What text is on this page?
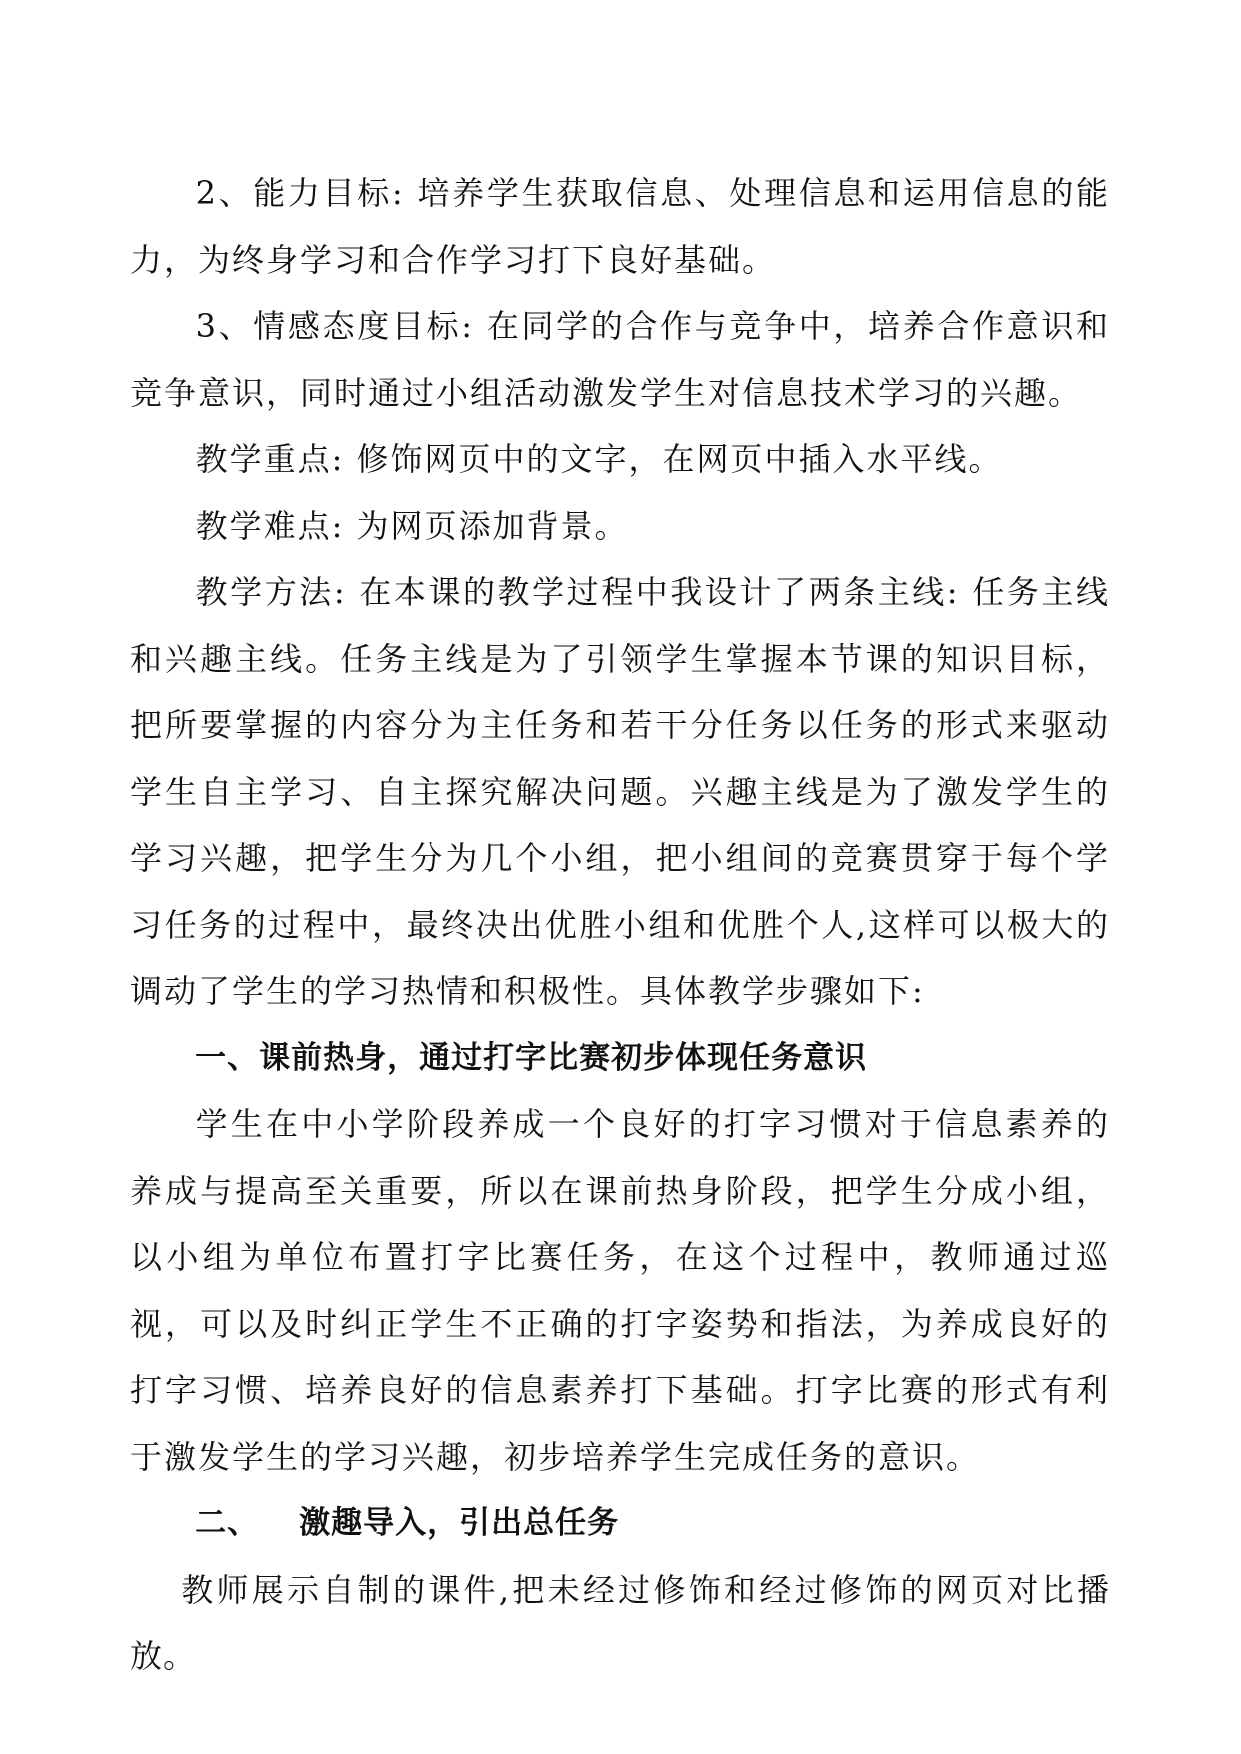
2、能力目标: 培养学生获取信息、处理信息和运用信息的能力，为终身学习和合作学习打下良好基础。

3、情感态度目标: 在同学的合作与竞争中，培养合作意识和竞争意识，同时通过小组活动激发学生对信息技术学习的兴趣。

教学重点: 修饰网页中的文字，在网页中插入水平线。

教学难点: 为网页添加背景。

教学方法: 在本课的教学过程中我设计了两条主线: 任务主线和兴趣主线。任务主线是为了引领学生掌握本节课的知识目标，把所要掌握的内容分为主任务和若干分任务以任务的形式来驱动学生自主学习、自主探究解决问题。兴趣主线是为了激发学生的学习兴趣，把学生分为几个小组，把小组间的竞赛贯穿于每个学习任务的过程中，最终决出优胜小组和优胜个人,这样可以极大的调动了学生的学习热情和积极性。具体教学步骤如下:

一、课前热身，通过打字比赛初步体现任务意识

学生在中小学阶段养成一个良好的打字习惯对于信息素养的养成与提高至关重要，所以在课前热身阶段，把学生分成小组，以小组为单位布置打字比赛任务，在这个过程中，教师通过巡视，可以及时纠正学生不正确的打字姿势和指法，为养成良好的打字习惯、培养良好的信息素养打下基础。打字比赛的形式有利于激发学生的学习兴趣，初步培养学生完成任务的意识。

二、 激趣导入，引出总任务

教师展示自制的课件,把未经过修饰和经过修饰的网页对比播放。
